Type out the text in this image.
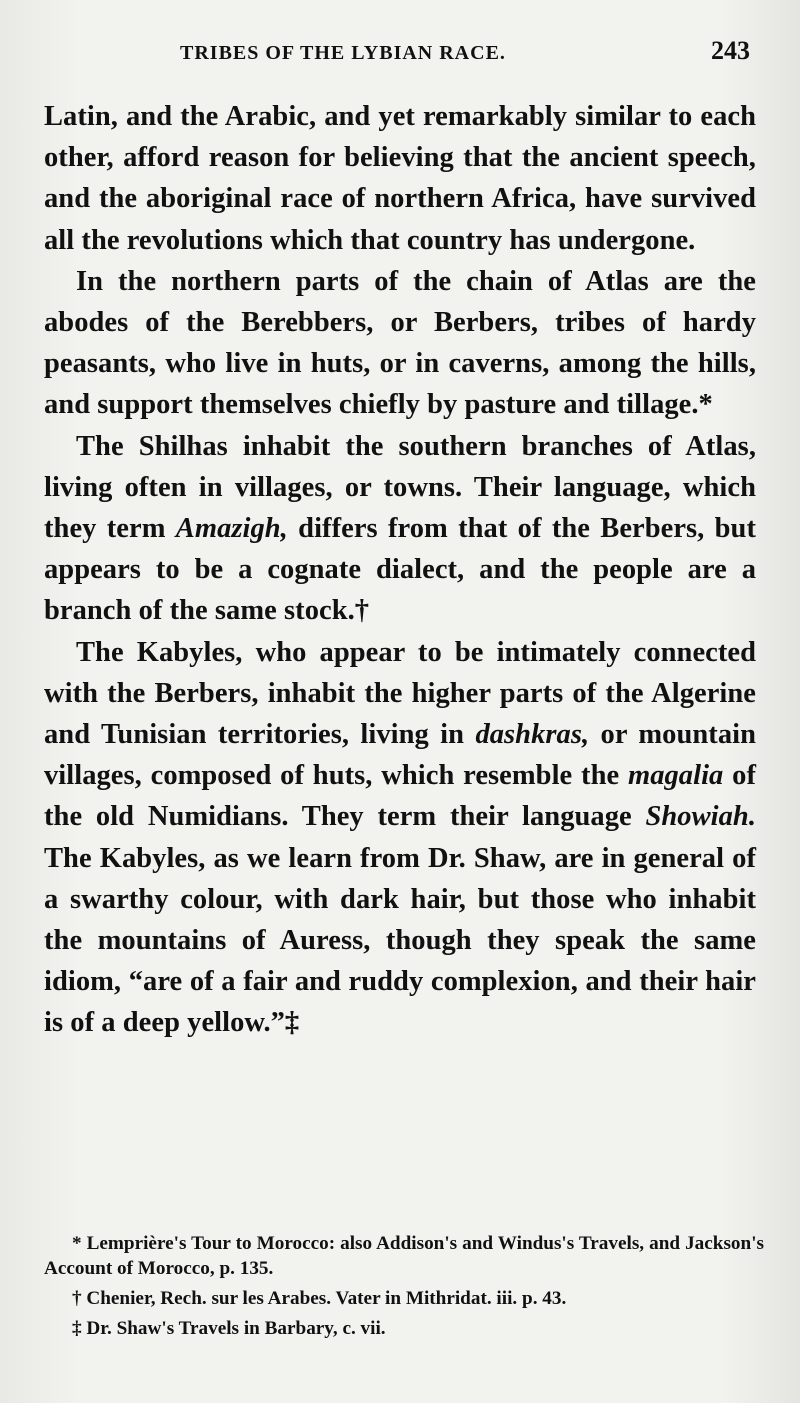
TRIBES OF THE LYBIAN RACE.	243

Latin, and the Arabic, and yet remarkably similar to each other, afford reason for believing that the ancient speech, and the aboriginal race of northern Africa, have survived all the revolutions which that country has undergone.

In the northern parts of the chain of Atlas are the abodes of the Berebbers, or Berbers, tribes of hardy peasants, who live in huts, or in caverns, among the hills, and support themselves chiefly by pasture and tillage.*

The Shilhas inhabit the southern branches of Atlas, living often in villages, or towns. Their language, which they term Amazigh, differs from that of the Berbers, but appears to be a cognate dialect, and the people are a branch of the same stock.†

The Kabyles, who appear to be intimately connected with the Berbers, inhabit the higher parts of the Algerine and Tunisian territories, living in dashkras, or mountain villages, composed of huts, which resemble the magalia of the old Numidians. They term their language Showiah. The Kabyles, as we learn from Dr. Shaw, are in general of a swarthy colour, with dark hair, but those who inhabit the mountains of Auress, though they speak the same idiom, “are of a fair and ruddy complexion, and their hair is of a deep yellow.”‡

* Lemprière's Tour to Morocco: also Addison's and Windus's Travels, and Jackson's Account of Morocco, p. 135.

† Chenier, Rech. sur les Arabes. Vater in Mithridat. iii. p. 43.

‡ Dr. Shaw's Travels in Barbary, c. vii.
